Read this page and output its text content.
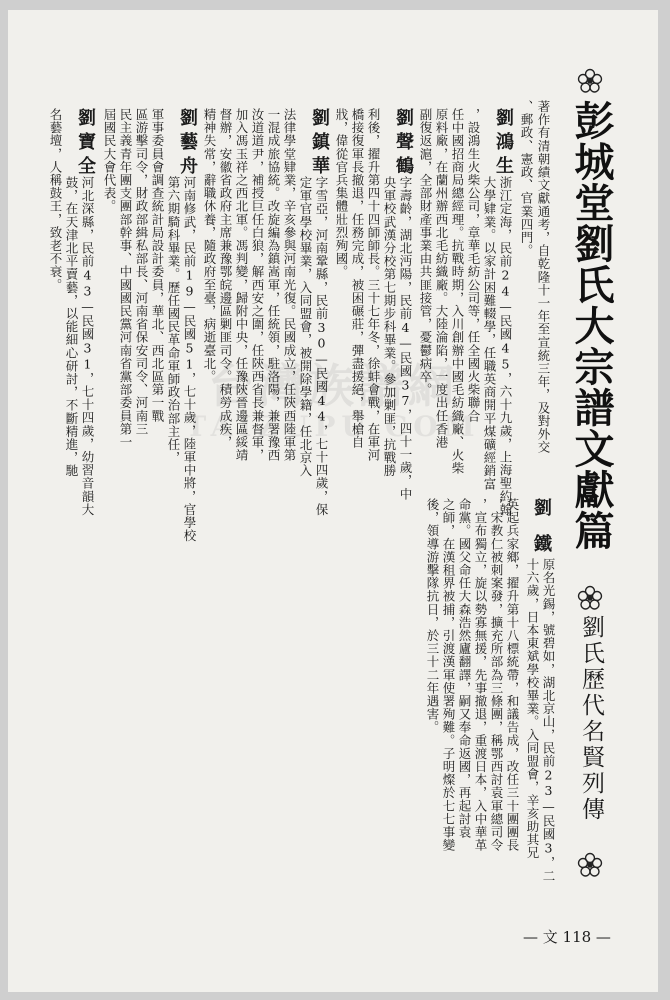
台灣族譜網
TAIZUPU.COM	彭城堂劉氏大宗譜文獻篇
劉氏歷代名賢列傳
著作有清朝績文獻通考，自乾隆十一年至宣統三年，及對外交
、郵政、憲政、官業四門。
劉鴻生
浙江定海，民前24—民國45，六十九歲，上海聖約翰
大學肄業。以家計困難輟學，任職英商開平煤礦經銷富
，設鴻生火柴公司，章華毛紡公司等，任全國火柴聯合
任中國招商局總經理。抗戰時期，入川創辦中國毛紡織廠、火柴
原料廠，在蘭州辦西北毛紡織廠。大陸淪陷，一度出任香港
副復返滬，全部財產事業由共匪接管，憂鬱病卒。
劉聲鶴
字壽齡，湖北沔陽，民前4—民國37，四十一歲，中
央軍校武漢分校第七期步科畢業。參加剿匪，抗戰勝
利後，擢升第四十四師師長。三十七年冬，徐蚌會戰，在軍河
橋接復軍長撤退，任務完成，被困碾莊，彈盡援絕，舉槍自
戕，偉從官兵集體壯烈殉國。
劉鎮華
字雪亞，河南鞏縣，民前30—民國44，七十四歲，保
定軍官學校畢業，入同盟會，被開除學籍，任北京入
法律學堂肄業，辛亥參與河南光復。民國成立，任陝西陸軍第
一混成旅協統。改旋編為鎮嵩軍，任統領，駐洛陽，兼署豫西
汝道道尹，補授巨任白狼，解西安之圍，任陝西省長兼督軍，
加入馮玉祥之西北軍。馮判變，歸附中央，任豫陝晉邊區綏靖
督辦，安徽省政府主席兼豫鄂皖邊區剿匪司令。積勞成疾，
精神失常，辭職休養，隨政府至臺，病逝臺北。
劉藝舟
河南修武，民前19—民國51，七十歲，陸軍中將，官學校
第六期騎科畢業。歷任國民革命軍師政治部主任，
軍事委員會調查統計局設計委員，華北、西北區第一戰
區游擊司令，財政部緝私部長、河南省保安司令、河南三
民主義青年團支團部幹事、中國國民黨河南省黨部委員第一
屆國民大會代表。
劉寶全
河北深縣，民前43—民國31，七十四歲，幼習音韻大
鼓，在天津北平賣藝，以能細心研討，不斷精進，馳
名藝壇，人稱鼓王，致老不衰。
劉鐵
原名光錫，號碧如，湖北京山，民前23—民國3，二
十六歲，日本東斌學校畢業。入同盟會，辛亥助其兄
英起兵家鄉，擢升第十八標統帶，和議告成，改任三十團團長
，宋教仁被刺案發，擴充所部為三條團，稱鄂西討袁軍總司令
，宣布獨立，旋以勢寡無援，先事撤退，重渡日本，入中華革
命黨。國父命任大森浩然廬翻譯，嗣又奉命返國，再起討袁
之師，在漢租界被捕，引渡漢軍使署殉難。子明燦於七七事變
後，領導游擊隊抗日，於三十二年遇害。
— 文 118 —
